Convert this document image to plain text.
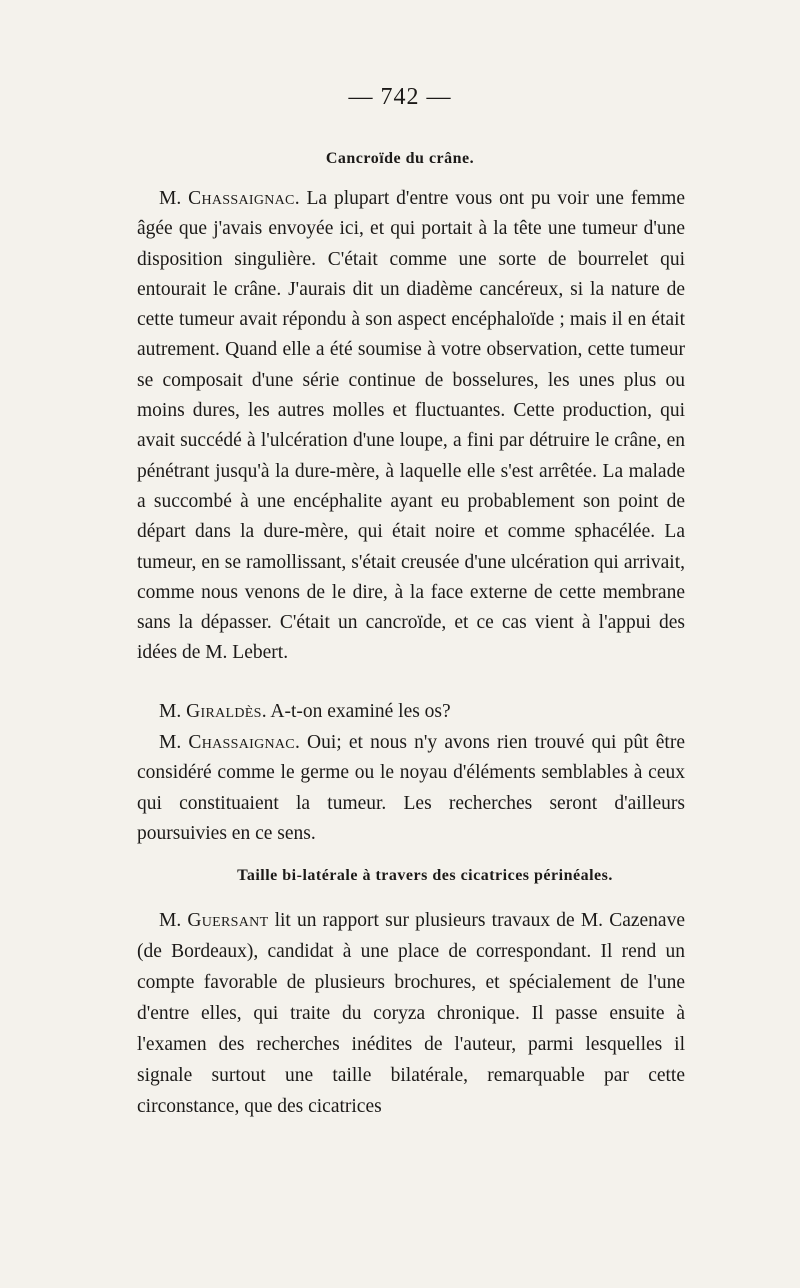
— 742 —
Cancroïde du crâne.

M. Chassaignac. La plupart d'entre vous ont pu voir une femme âgée que j'avais envoyée ici, et qui portait à la tête une tumeur d'une disposition singulière. C'était comme une sorte de bourrelet qui entourait le crâne. J'aurais dit un diadème cancéreux, si la nature de cette tumeur avait répondu à son aspect encéphaloïde ; mais il en était autrement. Quand elle a été soumise à votre observation, cette tumeur se composait d'une série continue de bosselures, les unes plus ou moins dures, les autres molles et fluctuantes. Cette production, qui avait succédé à l'ulcération d'une loupe, a fini par détruire le crâne, en pénétrant jusqu'à la dure-mère, à laquelle elle s'est arrêtée. La malade a succombé à une encéphalite ayant eu probablement son point de départ dans la dure-mère, qui était noire et comme sphacélée. La tumeur, en se ramollissant, s'était creusée d'une ulcération qui arrivait, comme nous venons de le dire, à la face externe de cette membrane sans la dépasser. C'était un cancroïde, et ce cas vient à l'appui des idées de M. Lebert.

M. Giraldès. A-t-on examiné les os?

M. Chassaignac. Oui; et nous n'y avons rien trouvé qui pût être considéré comme le germe ou le noyau d'éléments semblables à ceux qui constituaient la tumeur. Les recherches seront d'ailleurs poursuivies en ce sens.

Taille bi-latérale à travers des cicatrices périnéales.

M. Guersant lit un rapport sur plusieurs travaux de M. Cazenave (de Bordeaux), candidat à une place de correspondant. Il rend un compte favorable de plusieurs brochures, et spécialement de l'une d'entre elles, qui traite du coryza chronique. Il passe ensuite à l'examen des recherches inédites de l'auteur, parmi lesquelles il signale surtout une taille bilatérale, remarquable par cette circonstance, que des cicatrices
